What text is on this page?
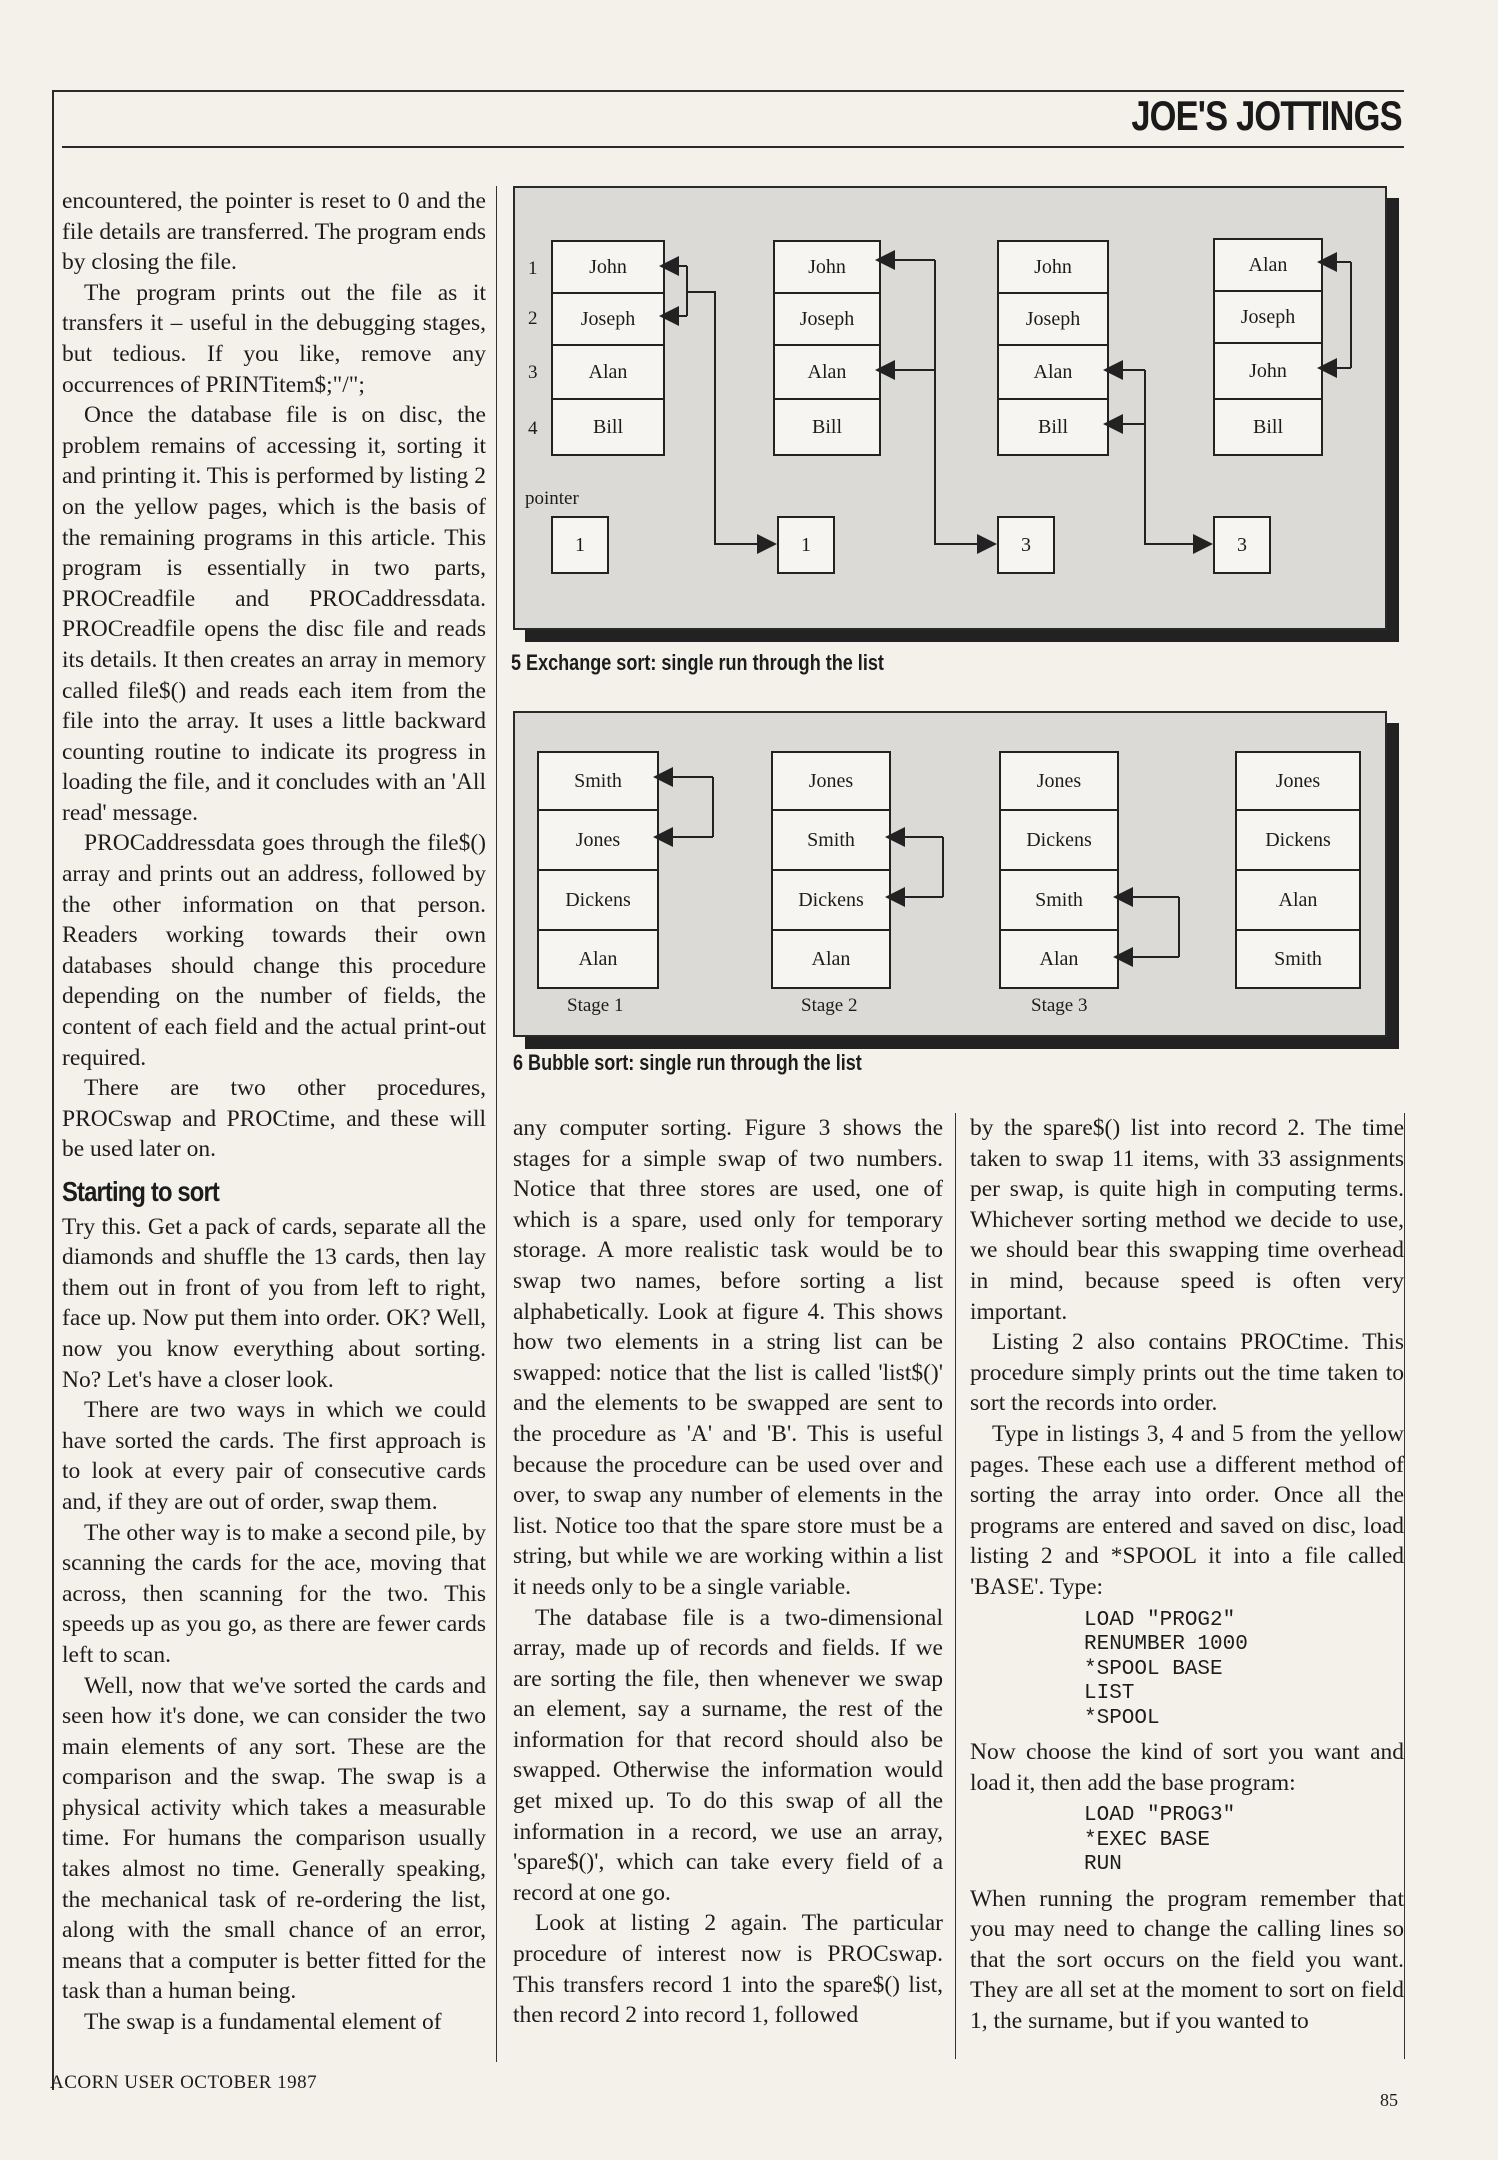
JOE'S JOTTINGS

encountered, the pointer is reset to 0 and the file details are transferred. The program ends by closing the file.

The program prints out the file as it transfers it – useful in the debugging stages, but tedious. If you like, remove any occurrences of PRINTitem$;"/";

Once the database file is on disc, the problem remains of accessing it, sorting it and printing it. This is performed by listing 2 on the yellow pages, which is the basis of the remaining programs in this article. This program is essentially in two parts, PROCreadfile and PROCaddressdata. PROCreadfile opens the disc file and reads its details. It then creates an array in memory called file$() and reads each item from the file into the array. It uses a little backward counting routine to indicate its progress in loading the file, and it concludes with an 'All read' message.

PROCaddressdata goes through the file$() array and prints out an address, followed by the other information on that person. Readers working towards their own databases should change this procedure depending on the number of fields, the content of each field and the actual print-out required.

There are two other procedures, PROCswap and PROCtime, and these will be used later on.

Starting to sort

Try this. Get a pack of cards, separate all the diamonds and shuffle the 13 cards, then lay them out in front of you from left to right, face up. Now put them into order. OK? Well, now you know everything about sorting. No? Let's have a closer look.

There are two ways in which we could have sorted the cards. The first approach is to look at every pair of consecutive cards and, if they are out of order, swap them.

The other way is to make a second pile, by scanning the cards for the ace, moving that across, then scanning for the two. This speeds up as you go, as there are fewer cards left to scan.

Well, now that we've sorted the cards and seen how it's done, we can consider the two main elements of any sort. These are the comparison and the swap. The swap is a physical activity which takes a measurable time. For humans the comparison usually takes almost no time. Generally speaking, the mechanical task of re-ordering the list, along with the small chance of an error, means that a computer is better fitted for the task than a human being.

The swap is a fundamental element of

1
2
3
4
pointer
John
Joseph
Alan
Bill
1
John
Joseph
Alan
Bill
1
John
Joseph
Alan
Bill
3
Alan
Joseph
John
Bill
3
5 Exchange sort: single run through the list
Smith
Jones
Dickens
Alan
Stage 1
Jones
Smith
Dickens
Alan
Stage 2
Jones
Dickens
Smith
Alan
Stage 3
Jones
Dickens
Alan
Smith
6 Bubble sort: single run through the list

any computer sorting. Figure 3 shows the stages for a simple swap of two numbers. Notice that three stores are used, one of which is a spare, used only for temporary storage. A more realistic task would be to swap two names, before sorting a list alphabetically. Look at figure 4. This shows how two elements in a string list can be swapped: notice that the list is called 'list$()' and the elements to be swapped are sent to the procedure as 'A' and 'B'. This is useful because the procedure can be used over and over, to swap any number of elements in the list. Notice too that the spare store must be a string, but while we are working within a list it needs only to be a single variable.

The database file is a two-dimensional array, made up of records and fields. If we are sorting the file, then whenever we swap an element, say a surname, the rest of the information for that record should also be swapped. Otherwise the information would get mixed up. To do this swap of all the information in a record, we use an array, 'spare$()', which can take every field of a record at one go.

Look at listing 2 again. The particular procedure of interest now is PROCswap. This transfers record 1 into the spare$() list, then record 2 into record 1, followed

by the spare$() list into record 2. The time taken to swap 11 items, with 33 assignments per swap, is quite high in computing terms. Whichever sorting method we decide to use, we should bear this swapping time overhead in mind, because speed is often very important.

Listing 2 also contains PROCtime. This procedure simply prints out the time taken to sort the records into order.

Type in listings 3, 4 and 5 from the yellow pages. These each use a different method of sorting the array into order. Once all the programs are entered and saved on disc, load listing 2 and *SPOOL it into a file called 'BASE'. Type:

LOAD "PROG2"
RENUMBER 1000
*SPOOL BASE
LIST
*SPOOL

Now choose the kind of sort you want and load it, then add the base program:

LOAD "PROG3"
*EXEC BASE
RUN

When running the program remember that you may need to change the calling lines so that the sort occurs on the field you want. They are all set at the moment to sort on field 1, the surname, but if you wanted to

ACORN USER OCTOBER 1987
85
